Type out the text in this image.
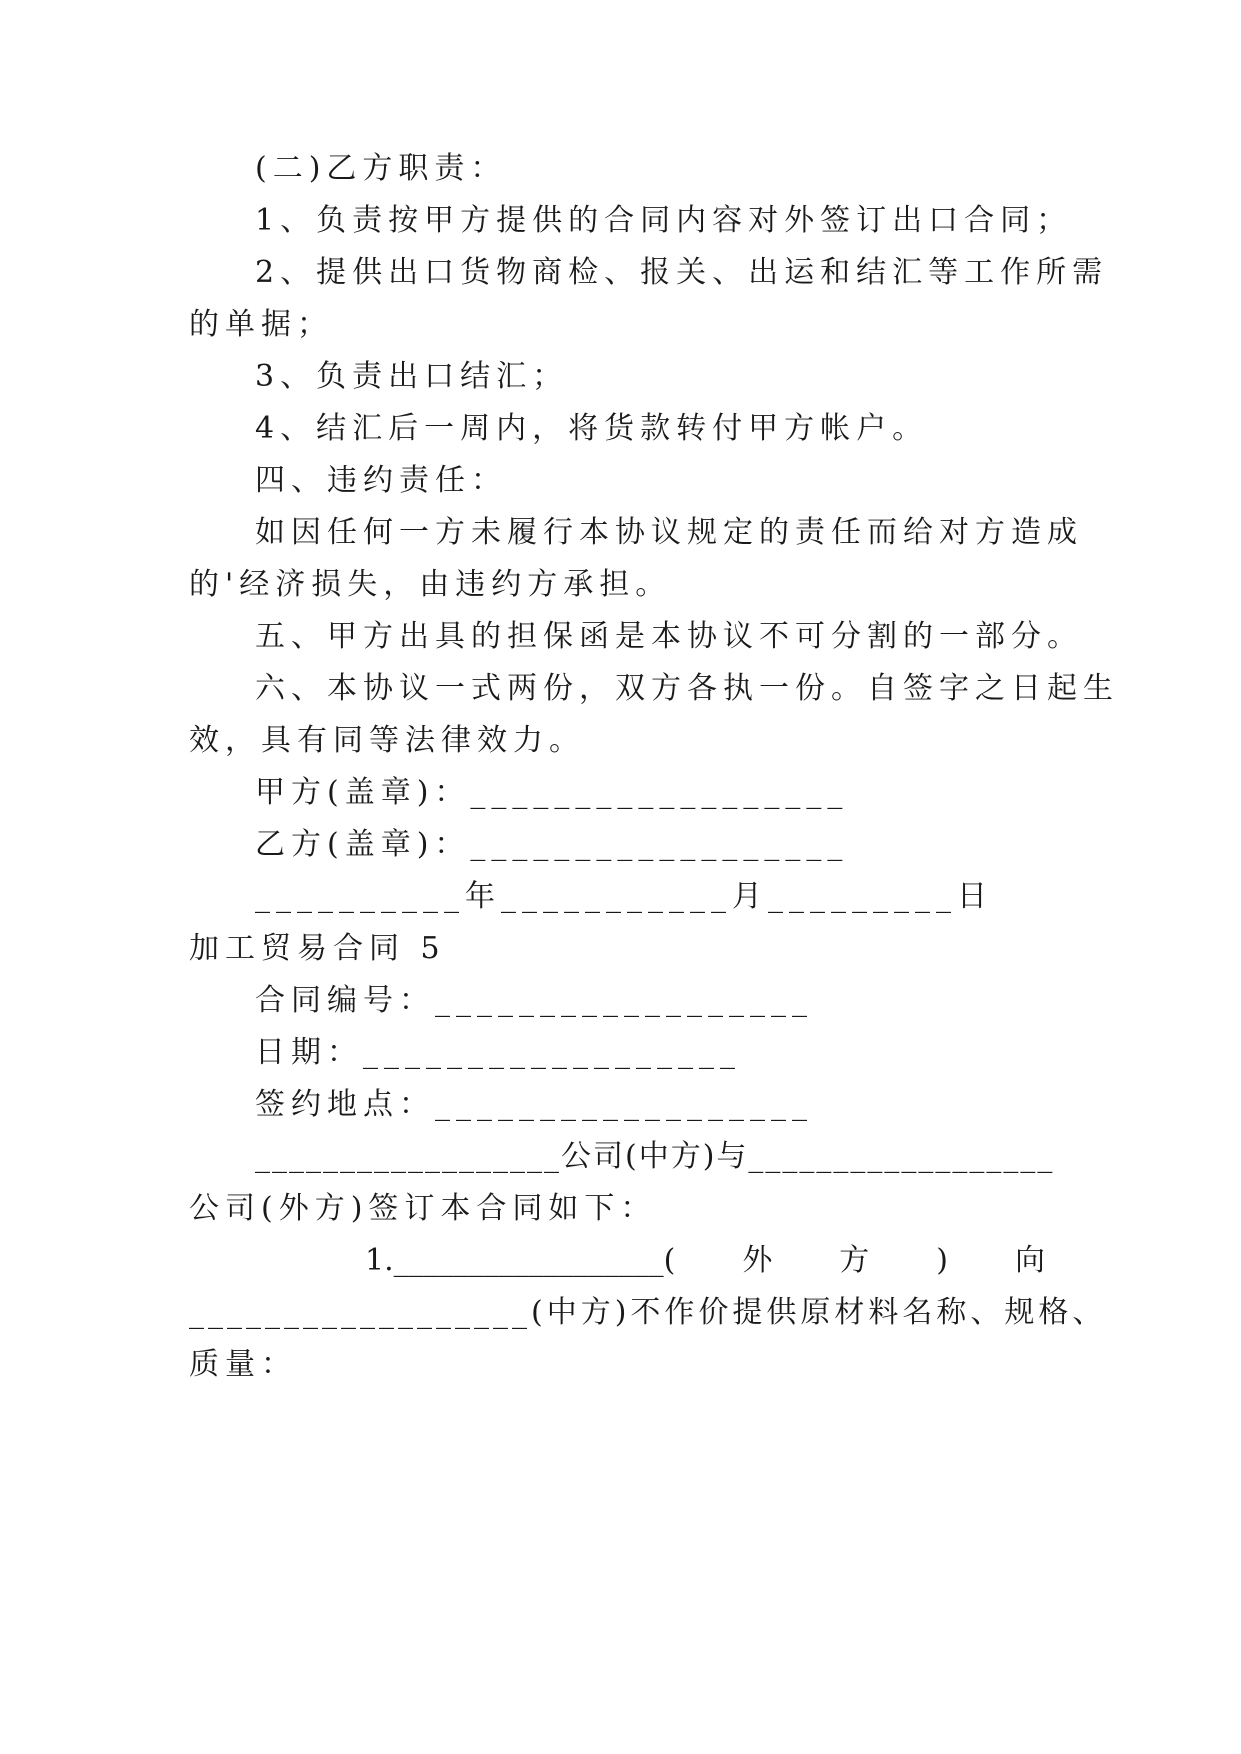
(二)乙方职责：
1、负责按甲方提供的合同内容对外签订出口合同；
2、提供出口货物商检、报关、出运和结汇等工作所需
的单据；
3、负责出口结汇；
4、结汇后一周内，将货款转付甲方帐户。
四、违约责任：
如因任何一方未履行本协议规定的责任而给对方造成
的'经济损失，由违约方承担。
五、甲方出具的担保函是本协议不可分割的一部分。
六、本协议一式两份，双方各执一份。自签字之日起生
效，具有同等法律效力。
甲方(盖章)：__________________
乙方(盖章)：__________________
__________年___________月_________日
加工贸易合同 5
合同编号：__________________
日期：__________________
签约地点：__________________
__________________公司(中方)与__________________
公司(外方)签订本合同如下：
1.__________________( 外 方 ) 向
__________________(中方)不作价提供原材料名称、规格、
质量：
